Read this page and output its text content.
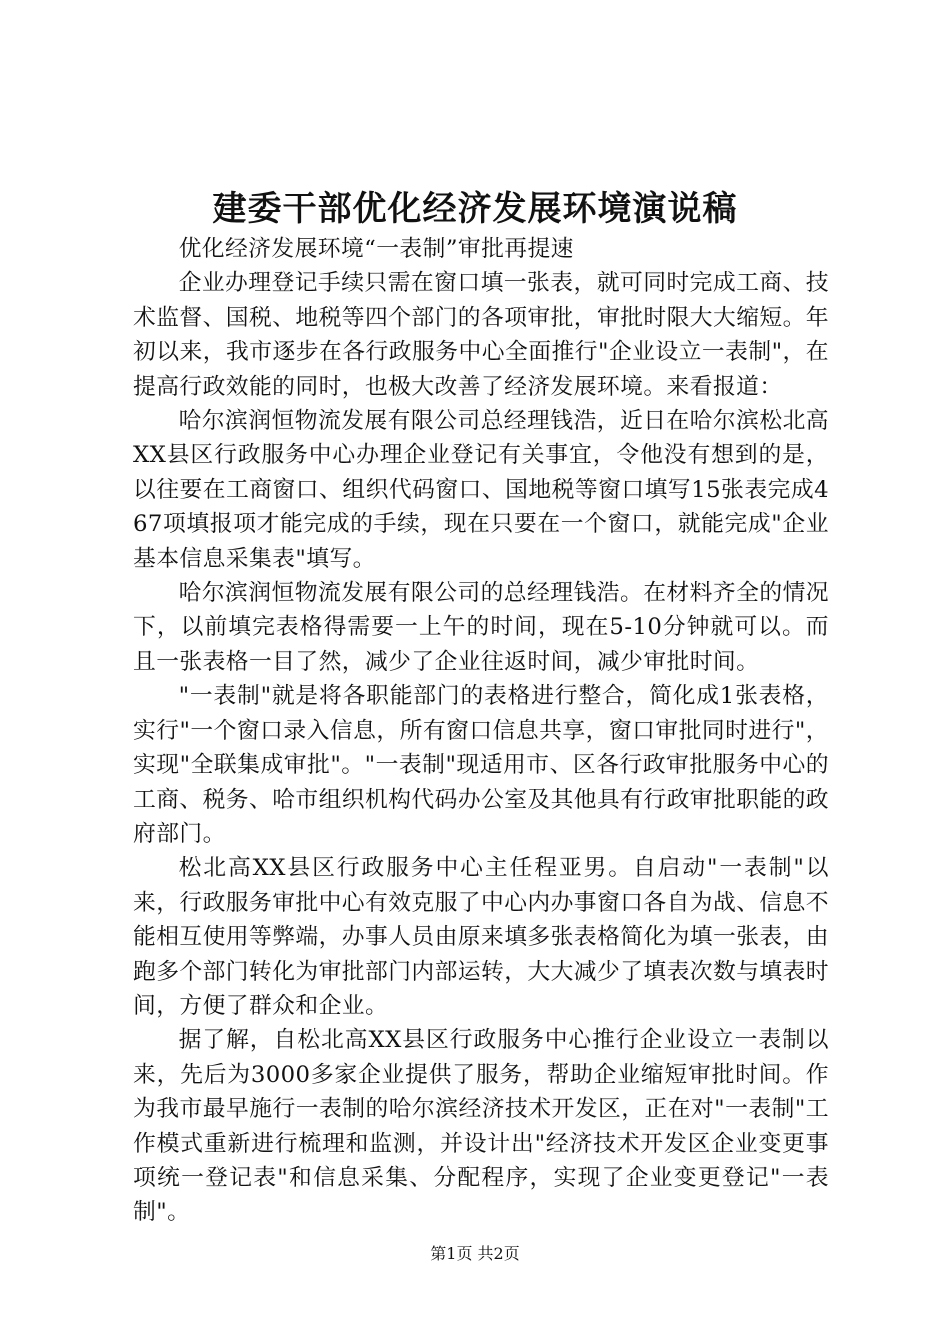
建委干部优化经济发展环境演说稿

优化经济发展环境“一表制”审批再提速

企业办理登记手续只需在窗口填一张表，就可同时完成工商、技术监督、国税、地税等四个部门的各项审批，审批时限大大缩短。年初以来，我市逐步在各行政服务中心全面推行"企业设立一表制"，在提高行政效能的同时，也极大改善了经济发展环境。来看报道：

哈尔滨润恒物流发展有限公司总经理钱浩，近日在哈尔滨松北高XX县区行政服务中心办理企业登记有关事宜，令他没有想到的是，以往要在工商窗口、组织代码窗口、国地税等窗口填写15张表完成467项填报项才能完成的手续，现在只要在一个窗口，就能完成"企业基本信息采集表"填写。

哈尔滨润恒物流发展有限公司的总经理钱浩。在材料齐全的情况下，以前填完表格得需要一上午的时间，现在5-10分钟就可以。而且一张表格一目了然，减少了企业往返时间，减少审批时间。

"一表制"就是将各职能部门的表格进行整合，简化成1张表格，实行"一个窗口录入信息，所有窗口信息共享，窗口审批同时进行"，实现"全联集成审批"。"一表制"现适用市、区各行政审批服务中心的工商、税务、哈市组织机构代码办公室及其他具有行政审批职能的政府部门。

松北高XX县区行政服务中心主任程亚男。自启动"一表制"以来，行政服务审批中心有效克服了中心内办事窗口各自为战、信息不能相互使用等弊端，办事人员由原来填多张表格简化为填一张表，由跑多个部门转化为审批部门内部运转，大大减少了填表次数与填表时间，方便了群众和企业。

据了解，自松北高XX县区行政服务中心推行企业设立一表制以来，先后为3000多家企业提供了服务，帮助企业缩短审批时间。作为我市最早施行一表制的哈尔滨经济技术开发区，正在对"一表制"工作模式重新进行梳理和监测，并设计出"经济技术开发区企业变更事项统一登记表"和信息采集、分配程序，实现了企业变更登记"一表制"。

第1页 共2页
